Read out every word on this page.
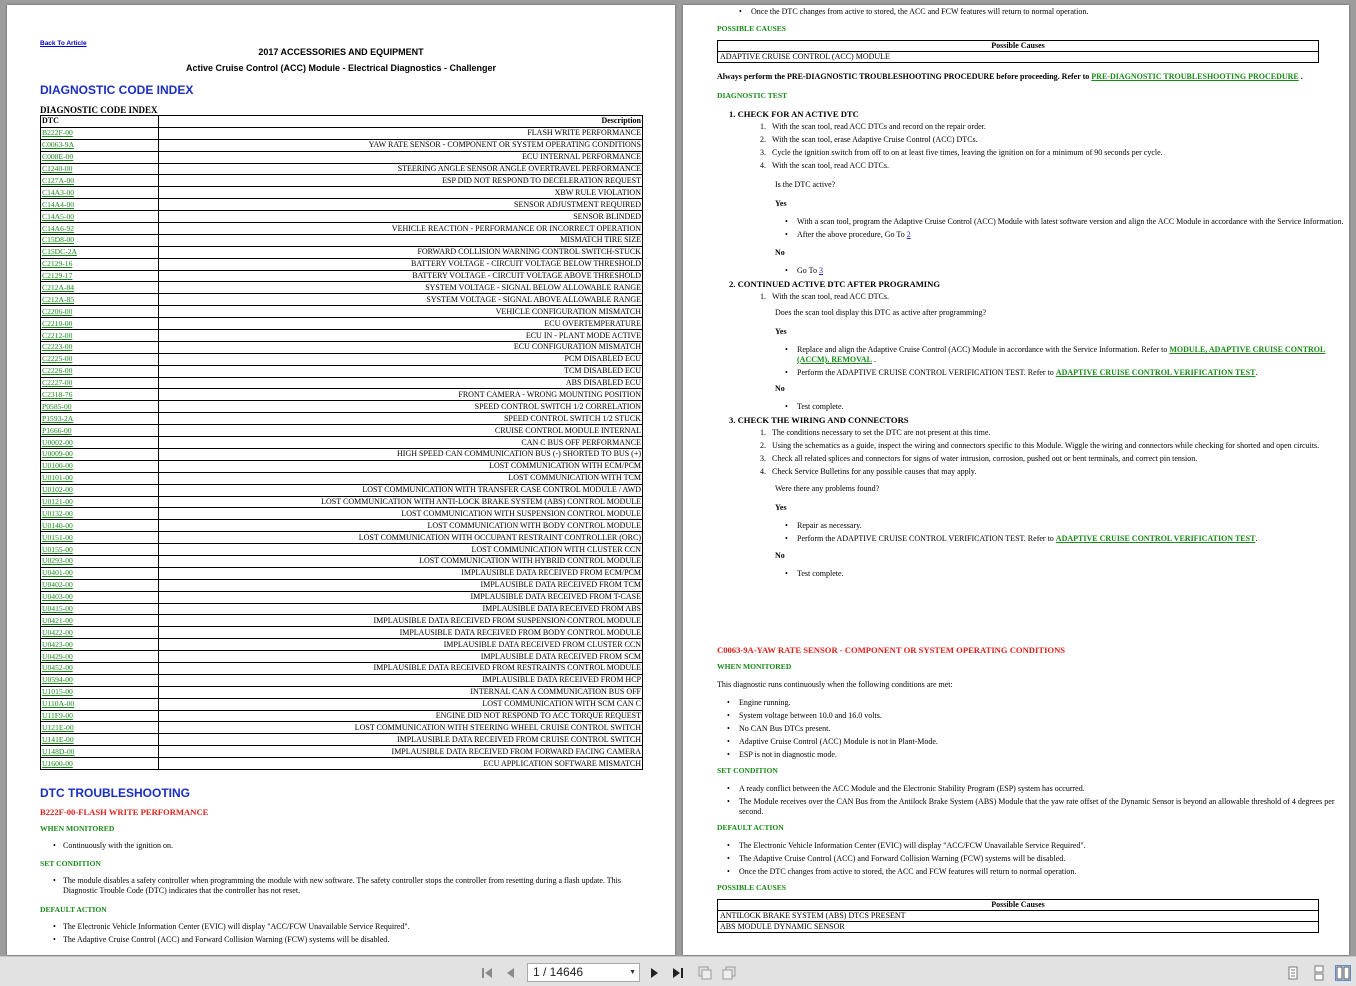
Back To Article
2017 ACCESSORIES AND EQUIPMENT
Active Cruise Control (ACC) Module - Electrical Diagnostics - Challenger
DIAGNOSTIC CODE INDEX
DIAGNOSTIC CODE INDEX
DTC	Description
B222F-00	FLASH WRITE PERFORMANCE
C0063-9A	YAW RATE SENSOR - COMPONENT OR SYSTEM OPERATING CONDITIONS
C008E-00	ECU INTERNAL PERFORMANCE
C1240-00	STEERING ANGLE SENSOR ANGLE OVERTRAVEL PERFORMANCE
C127A-00	ESP DID NOT RESPOND TO DECELERATION REQUEST
C14A3-00	XBW RULE VIOLATION
C14A4-00	SENSOR ADJUSTMENT REQUIRED
C14A5-00	SENSOR BLINDED
C14A6-92	VEHICLE REACTION - PERFORMANCE OR INCORRECT OPERATION
C15D8-00	MISMATCH TIRE SIZE
C15DC-2A	FORWARD COLLISION WARNING CONTROL SWITCH-STUCK
C2129-16	BATTERY VOLTAGE - CIRCUIT VOLTAGE BELOW THRESHOLD
C2129-17	BATTERY VOLTAGE - CIRCUIT VOLTAGE ABOVE THRESHOLD
C212A-84	SYSTEM VOLTAGE - SIGNAL BELOW ALLOWABLE RANGE
C212A-85	SYSTEM VOLTAGE - SIGNAL ABOVE ALLOWABLE RANGE
C2206-00	VEHICLE CONFIGURATION MISMATCH
C2210-00	ECU OVERTEMPERATURE
C2212-00	ECU IN - PLANT MODE ACTIVE
C2223-00	ECU CONFIGURATION MISMATCH
C2225-00	PCM DISABLED ECU
C2226-00	TCM DISABLED ECU
C2227-00	ABS DISABLED ECU
C2318-76	FRONT CAMERA - WRONG MOUNTING POSITION
P0585-00	SPEED CONTROL SWITCH 1/2 CORRELATION
P1593-2A	SPEED CONTROL SWITCH 1/2 STUCK
P1666-00	CRUISE CONTROL MODULE INTERNAL
U0002-00	CAN C BUS OFF PERFORMANCE
U0009-00	HIGH SPEED CAN COMMUNICATION BUS (-) SHORTED TO BUS (+)
U0100-00	LOST COMMUNICATION WITH ECM/PCM
U0101-00	LOST COMMUNICATION WITH TCM
U0102-00	LOST COMMUNICATION WITH TRANSFER CASE CONTROL MODULE / AWD
U0121-00	LOST COMMUNICATION WITH ANTI-LOCK BRAKE SYSTEM (ABS) CONTROL MODULE
U0132-00	LOST COMMUNICATION WITH SUSPENSION CONTROL MODULE
U0140-00	LOST COMMUNICATION WITH BODY CONTROL MODULE
U0151-00	LOST COMMUNICATION WITH OCCUPANT RESTRAINT CONTROLLER (ORC)
U0155-00	LOST COMMUNICATION WITH CLUSTER CCN
U0293-00	LOST COMMUNICATION WITH HYBRID CONTROL MODULE
U0401-00	IMPLAUSIBLE DATA RECEIVED FROM ECM/PCM
U0402-00	IMPLAUSIBLE DATA RECEIVED FROM TCM
U0403-00	IMPLAUSIBLE DATA RECEIVED FROM T-CASE
U0415-00	IMPLAUSIBLE DATA RECEIVED FROM ABS
U0421-00	IMPLAUSIBLE DATA RECEIVED FROM SUSPENSION CONTROL MODULE
U0422-00	IMPLAUSIBLE DATA RECEIVED FROM BODY CONTROL MODULE
U0423-00	IMPLAUSIBLE DATA RECEIVED FROM CLUSTER CCN
U0429-00	IMPLAUSIBLE DATA RECEIVED FROM SCM
U0452-00	IMPLAUSIBLE DATA RECEIVED FROM RESTRAINTS CONTROL MODULE
U0594-00	IMPLAUSIBLE DATA RECEIVED FROM HCP
U1015-00	INTERNAL CAN A COMMUNICATION BUS OFF
U110A-00	LOST COMMUNICATION WITH SCM CAN C
U11F9-00	ENGINE DID NOT RESPOND TO ACC TORQUE REQUEST
U121E-00	LOST COMMUNICATION WITH STEERING WHEEL CRUISE CONTROL SWITCH
U141E-00	IMPLAUSIBLE DATA RECEIVED FROM CRUISE CONTROL SWITCH
U148D-00	IMPLAUSIBLE DATA RECEIVED FROM FORWARD FACING CAMERA
U1600-00	ECU APPLICATION SOFTWARE MISMATCH
DTC TROUBLESHOOTING
B222F-00-FLASH WRITE PERFORMANCE
WHEN MONITORED
• Continuously with the ignition on.
SET CONDITION
• The module disables a safety controller when programming the module with new software. The safety controller stops the controller from resetting during a flash update. This Diagnostic Trouble Code (DTC) indicates that the controller has not reset.
DEFAULT ACTION
• The Electronic Vehicle Information Center (EVIC) will display "ACC/FCW Unavailable Service Required".
• The Adaptive Cruise Control (ACC) and Forward Collision Warning (FCW) systems will be disabled.
• Once the DTC changes from active to stored, the ACC and FCW features will return to normal operation.
POSSIBLE CAUSES
Possible Causes
ADAPTIVE CRUISE CONTROL (ACC) MODULE
Always perform the PRE-DIAGNOSTIC TROUBLESHOOTING PROCEDURE before proceeding. Refer to PRE-DIAGNOSTIC TROUBLESHOOTING PROCEDURE .
DIAGNOSTIC TEST
1. CHECK FOR AN ACTIVE DTC
1. With the scan tool, read ACC DTCs and record on the repair order.
2. With the scan tool, erase Adaptive Cruise Control (ACC) DTCs.
3. Cycle the ignition switch from off to on at least five times, leaving the ignition on for a minimum of 90 seconds per cycle.
4. With the scan tool, read ACC DTCs.
Is the DTC active?
Yes
• With a scan tool, program the Adaptive Cruise Control (ACC) Module with latest software version and align the ACC Module in accordance with the Service Information.
• After the above procedure, Go To 2
No
• Go To 3
2. CONTINUED ACTIVE DTC AFTER PROGRAMING
1. With the scan tool, read ACC DTCs.
Does the scan tool display this DTC as active after programming?
Yes
• Replace and align the Adaptive Cruise Control (ACC) Module in accordance with the Service Information. Refer to MODULE, ADAPTIVE CRUISE CONTROL (ACCM), REMOVAL .
• Perform the ADAPTIVE CRUISE CONTROL VERIFICATION TEST. Refer to ADAPTIVE CRUISE CONTROL VERIFICATION TEST.
No
• Test complete.
3. CHECK THE WIRING AND CONNECTORS
1. The conditions necessary to set the DTC are not present at this time.
2. Using the schematics as a guide, inspect the wiring and connectors specific to this Module. Wiggle the wiring and connectors while checking for shorted and open circuits.
3. Check all related splices and connectors for signs of water intrusion, corrosion, pushed out or bent terminals, and correct pin tension.
4. Check Service Bulletins for any possible causes that may apply.
Were there any problems found?
Yes
• Repair as necessary.
• Perform the ADAPTIVE CRUISE CONTROL VERIFICATION TEST. Refer to ADAPTIVE CRUISE CONTROL VERIFICATION TEST.
No
• Test complete.
C0063-9A-YAW RATE SENSOR - COMPONENT OR SYSTEM OPERATING CONDITIONS
WHEN MONITORED
This diagnostic runs continuously when the following conditions are met:
• Engine running.
• System voltage between 10.0 and 16.0 volts.
• No CAN Bus DTCs present.
• Adaptive Cruise Control (ACC) Module is not in Plant-Mode.
• ESP is not in diagnostic mode.
SET CONDITION
• A ready conflict between the ACC Module and the Electronic Stability Program (ESP) system has occurred.
• The Module receives over the CAN Bus from the Antilock Brake System (ABS) Module that the yaw rate offset of the Dynamic Sensor is beyond an allowable threshold of 4 degrees per second.
DEFAULT ACTION
• The Electronic Vehicle Information Center (EVIC) will display "ACC/FCW Unavailable Service Required".
• The Adaptive Cruise Control (ACC) and Forward Collision Warning (FCW) systems will be disabled.
• Once the DTC changes from active to stored, the ACC and FCW features will return to normal operation.
POSSIBLE CAUSES
Possible Causes
ANTILOCK BRAKE SYSTEM (ABS) DTCS PRESENT
ABS MODULE DYNAMIC SENSOR
1 / 14646	▼
